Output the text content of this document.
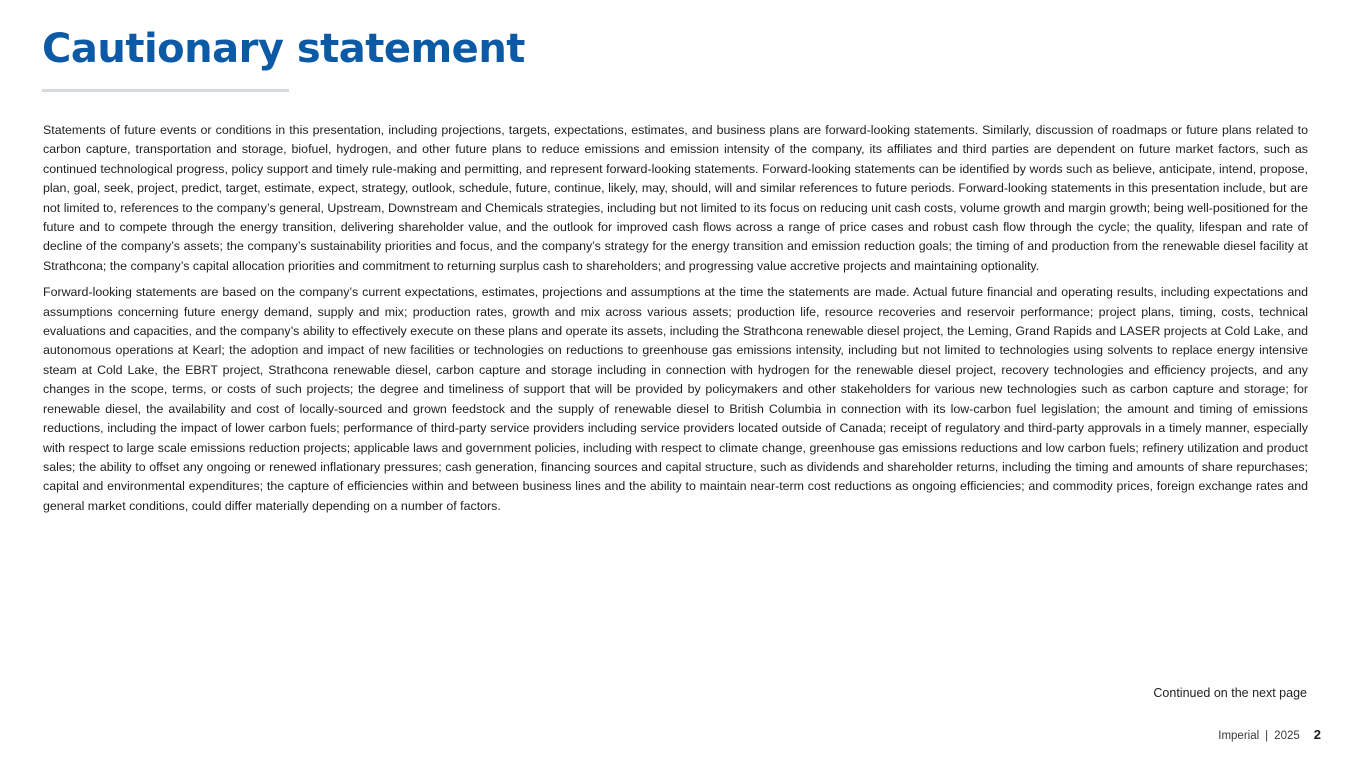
Cautionary statement

Statements of future events or conditions in this presentation, including projections, targets, expectations, estimates, and business plans are forward-looking statements. Similarly, discussion of roadmaps or future plans related to carbon capture, transportation and storage, biofuel, hydrogen, and other future plans to reduce emissions and emission intensity of the company, its affiliates and third parties are dependent on future market factors, such as continued technological progress, policy support and timely rule-making and permitting, and represent forward-looking statements. Forward-looking statements can be identified by words such as believe, anticipate, intend, propose, plan, goal, seek, project, predict, target, estimate, expect, strategy, outlook, schedule, future, continue, likely, may, should, will and similar references to future periods. Forward-looking statements in this presentation include, but are not limited to, references to the company’s general, Upstream, Downstream and Chemicals strategies, including but not limited to its focus on reducing unit cash costs, volume growth and margin growth; being well-positioned for the future and to compete through the energy transition, delivering shareholder value, and the outlook for improved cash flows across a range of price cases and robust cash flow through the cycle; the quality, lifespan and rate of decline of the company’s assets; the company’s sustainability priorities and focus, and the company’s strategy for the energy transition and emission reduction goals; the timing of and production from the renewable diesel facility at Strathcona; the company’s capital allocation priorities and commitment to returning surplus cash to shareholders; and progressing value accretive projects and maintaining optionality.

Forward-looking statements are based on the company’s current expectations, estimates, projections and assumptions at the time the statements are made. Actual future financial and operating results, including expectations and assumptions concerning future energy demand, supply and mix; production rates, growth and mix across various assets; production life, resource recoveries and reservoir performance; project plans, timing, costs, technical evaluations and capacities, and the company’s ability to effectively execute on these plans and operate its assets, including the Strathcona renewable diesel project, the Leming, Grand Rapids and LASER projects at Cold Lake, and autonomous operations at Kearl; the adoption and impact of new facilities or technologies on reductions to greenhouse gas emissions intensity, including but not limited to technologies using solvents to replace energy intensive steam at Cold Lake, the EBRT project, Strathcona renewable diesel, carbon capture and storage including in connection with hydrogen for the renewable diesel project, recovery technologies and efficiency projects, and any changes in the scope, terms, or costs of such projects; the degree and timeliness of support that will be provided by policymakers and other stakeholders for various new technologies such as carbon capture and storage; for renewable diesel, the availability and cost of locally-sourced and grown feedstock and the supply of renewable diesel to British Columbia in connection with its low-carbon fuel legislation; the amount and timing of emissions reductions, including the impact of lower carbon fuels; performance of third-party service providers including service providers located outside of Canada; receipt of regulatory and third-party approvals in a timely manner, especially with respect to large scale emissions reduction projects; applicable laws and government policies, including with respect to climate change, greenhouse gas emissions reductions and low carbon fuels; refinery utilization and product sales; the ability to offset any ongoing or renewed inflationary pressures; cash generation, financing sources and capital structure, such as dividends and shareholder returns, including the timing and amounts of share repurchases; capital and environmental expenditures; the capture of efficiencies within and between business lines and the ability to maintain near-term cost reductions as ongoing efficiencies; and commodity prices, foreign exchange rates and general market conditions, could differ materially depending on a number of factors.

Continued on the next page
Imperial | 2025 2
